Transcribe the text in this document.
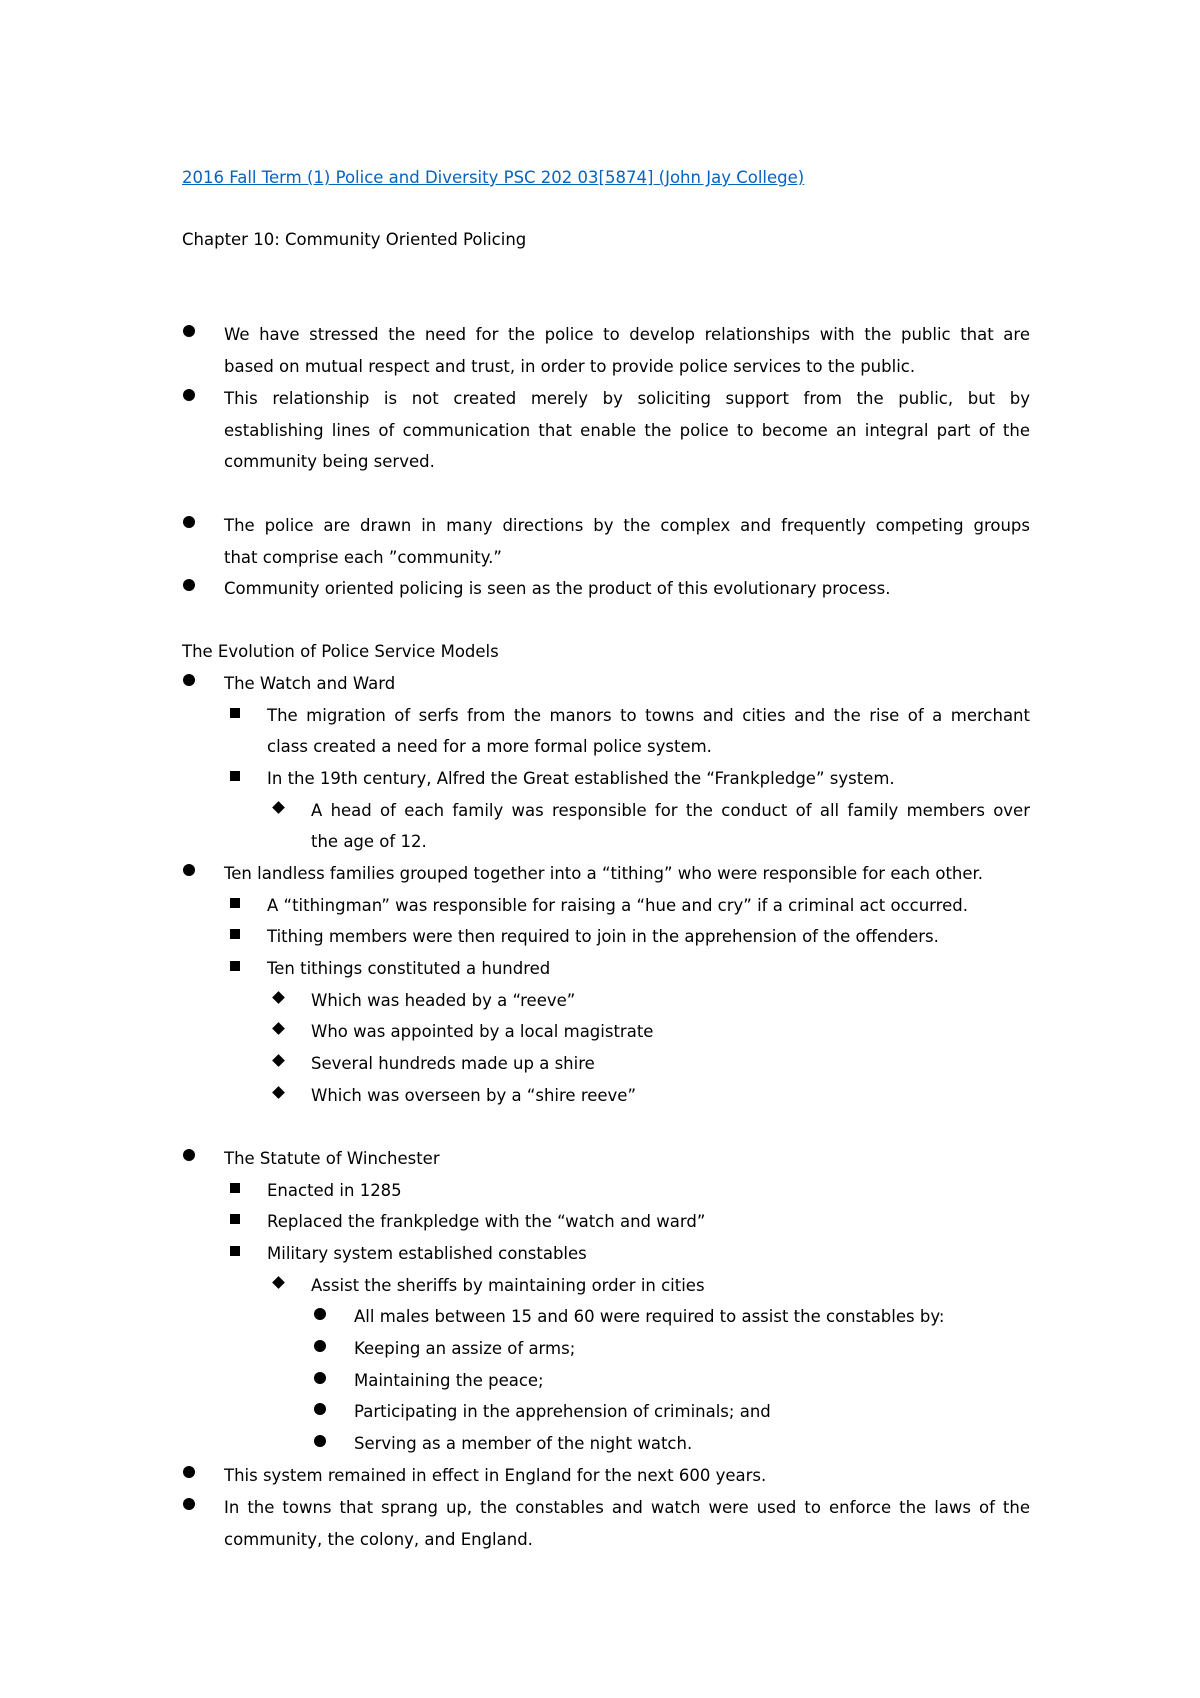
2016 Fall Term (1) Police and Diversity PSC 202 03[5874] (John Jay College)
Chapter 10: Community Oriented Policing
We have stressed the need for the police to develop relationships with the public that are
based on mutual respect and trust, in order to provide police services to the public.
This relationship is not created merely by soliciting support from the public, but by
establishing lines of communication that enable the police to become an integral part of the
community being served.
The police are drawn in many directions by the complex and frequently competing groups
that comprise each ”community.”
Community oriented policing is seen as the product of this evolutionary process.
The Evolution of Police Service Models
The Watch and Ward
The migration of serfs from the manors to towns and cities and the rise of a merchant
class created a need for a more formal police system.
In the 19th century, Alfred the Great established the “Frankpledge” system.
A head of each family was responsible for the conduct of all family members over
the age of 12.
Ten landless families grouped together into a “tithing” who were responsible for each other.
A “tithingman” was responsible for raising a “hue and cry” if a criminal act occurred.
Tithing members were then required to join in the apprehension of the offenders.
Ten tithings constituted a hundred
Which was headed by a “reeve”
Who was appointed by a local magistrate
Several hundreds made up a shire
Which was overseen by a “shire reeve”
The Statute of Winchester
Enacted in 1285
Replaced the frankpledge with the “watch and ward”
Military system established constables
Assist the sheriffs by maintaining order in cities
All males between 15 and 60 were required to assist the constables by:
Keeping an assize of arms;
Maintaining the peace;
Participating in the apprehension of criminals; and
Serving as a member of the night watch.
This system remained in effect in England for the next 600 years.
In the towns that sprang up, the constables and watch were used to enforce the laws of the
community, the colony, and England.
